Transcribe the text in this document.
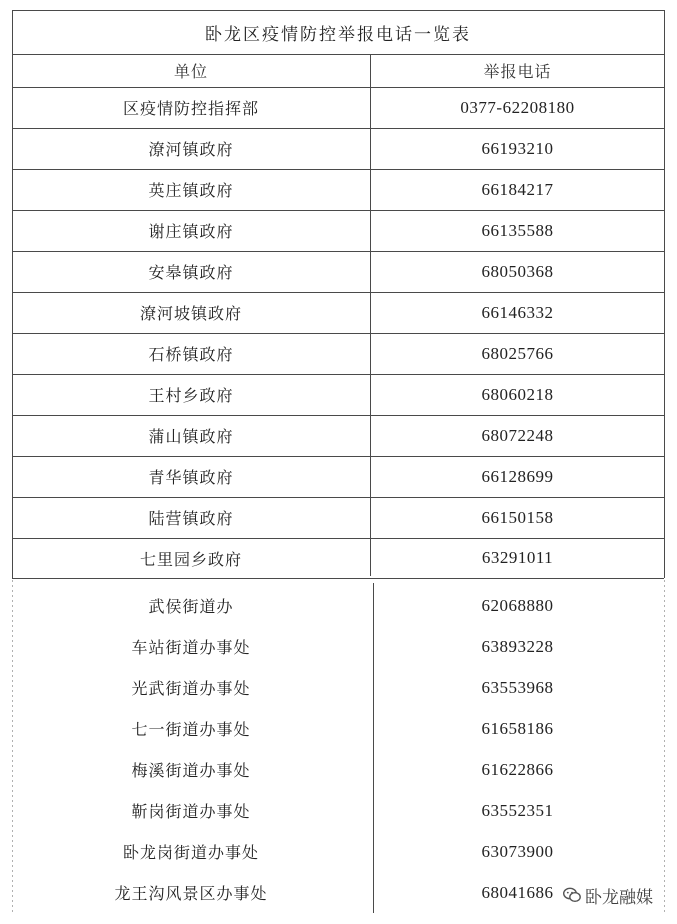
卧龙区疫情防控举报电话一览表
单位	举报电话
区疫情防控指挥部	0377-62208180
潦河镇政府	66193210
英庄镇政府	66184217
谢庄镇政府	66135588
安皋镇政府	68050368
潦河坡镇政府	66146332
石桥镇政府	68025766
王村乡政府	68060218
蒲山镇政府	68072248
青华镇政府	66128699
陆营镇政府	66150158
七里园乡政府	63291011
武侯街道办	62068880
车站街道办事处	63893228
光武街道办事处	63553968
七一街道办事处	61658186
梅溪街道办事处	61622866
靳岗街道办事处	63552351
卧龙岗街道办事处	63073900
龙王沟风景区办事处	68041686	卧龙融媒
